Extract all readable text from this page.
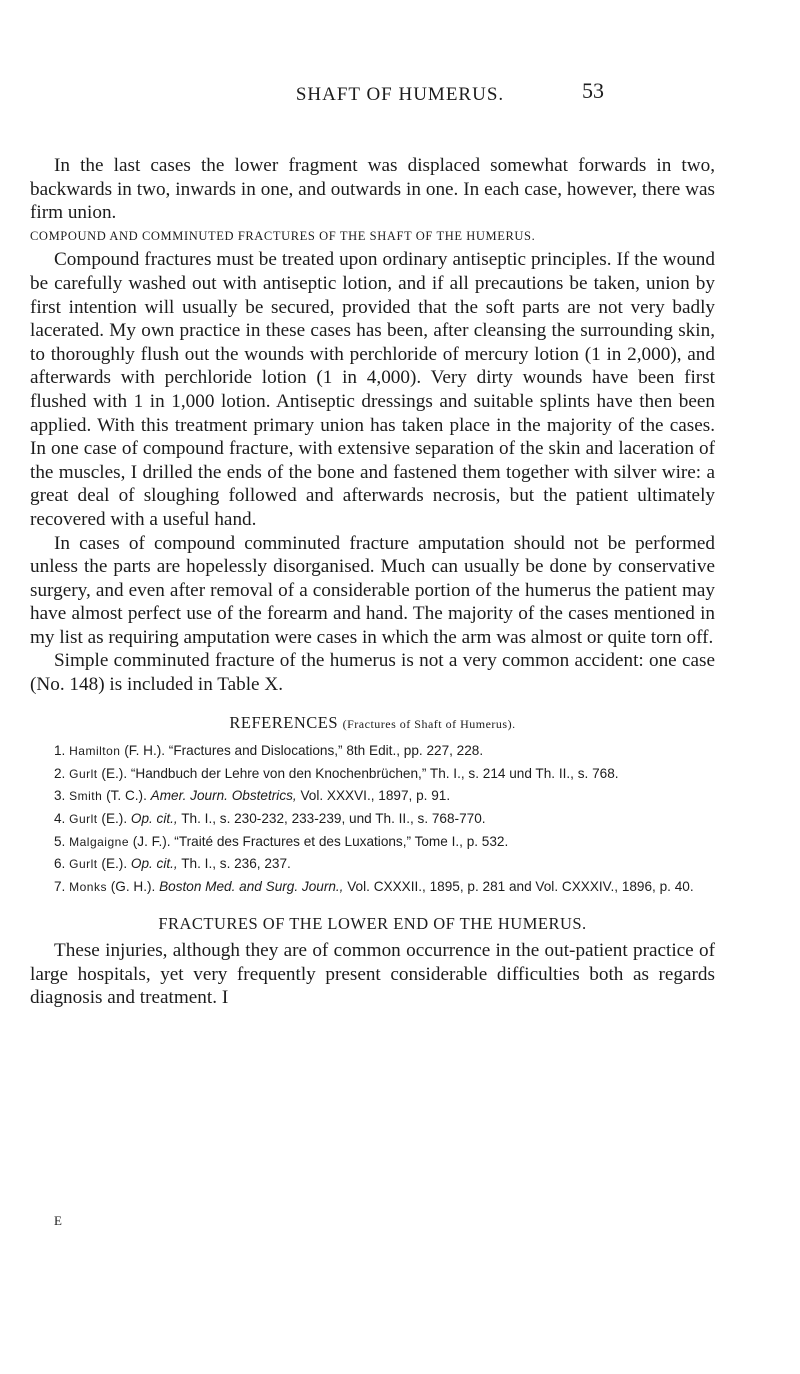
SHAFT OF HUMERUS.	53

In the last cases the lower fragment was displaced somewhat forwards in two, backwards in two, inwards in one, and outwards in one. In each case, however, there was firm union.

COMPOUND AND COMMINUTED FRACTURES OF THE SHAFT OF THE HUMERUS.

Compound fractures must be treated upon ordinary antiseptic principles. If the wound be carefully washed out with antiseptic lotion, and if all precautions be taken, union by first intention will usually be secured, provided that the soft parts are not very badly lacerated. My own practice in these cases has been, after cleansing the surrounding skin, to thoroughly flush out the wounds with perchloride of mercury lotion (1 in 2,000), and afterwards with perchloride lotion (1 in 4,000). Very dirty wounds have been first flushed with 1 in 1,000 lotion. Antiseptic dressings and suitable splints have then been applied. With this treatment primary union has taken place in the majority of the cases. In one case of compound fracture, with extensive separation of the skin and laceration of the muscles, I drilled the ends of the bone and fastened them together with silver wire: a great deal of sloughing followed and afterwards necrosis, but the patient ultimately recovered with a useful hand.

In cases of compound comminuted fracture amputation should not be performed unless the parts are hopelessly disorganised. Much can usually be done by conservative surgery, and even after removal of a considerable portion of the humerus the patient may have almost perfect use of the forearm and hand. The majority of the cases mentioned in my list as requiring amputation were cases in which the arm was almost or quite torn off.

Simple comminuted fracture of the humerus is not a very common accident: one case (No. 148) is included in Table X.

REFERENCES (Fractures of Shaft of Humerus).

1. Hamilton (F. H.). “Fractures and Dislocations,” 8th Edit., pp. 227, 228.

2. Gurlt (E.). “Handbuch der Lehre von den Knochenbrüchen,” Th. I., s. 214 und Th. II., s. 768.

3. Smith (T. C.). Amer. Journ. Obstetrics, Vol. XXXVI., 1897, p. 91.

4. Gurlt (E.). Op. cit., Th. I., s. 230-232, 233-239, und Th. II., s. 768-770.

5. Malgaigne (J. F.). “Traité des Fractures et des Luxations,” Tome I., p. 532.

6. Gurlt (E.). Op. cit., Th. I., s. 236, 237.

7. Monks (G. H.). Boston Med. and Surg. Journ., Vol. CXXXII., 1895, p. 281 and Vol. CXXXIV., 1896, p. 40.

FRACTURES OF THE LOWER END OF THE HUMERUS.

These injuries, although they are of common occurrence in the out-patient practice of large hospitals, yet very frequently present considerable difficulties both as regards diagnosis and treatment. I

E
